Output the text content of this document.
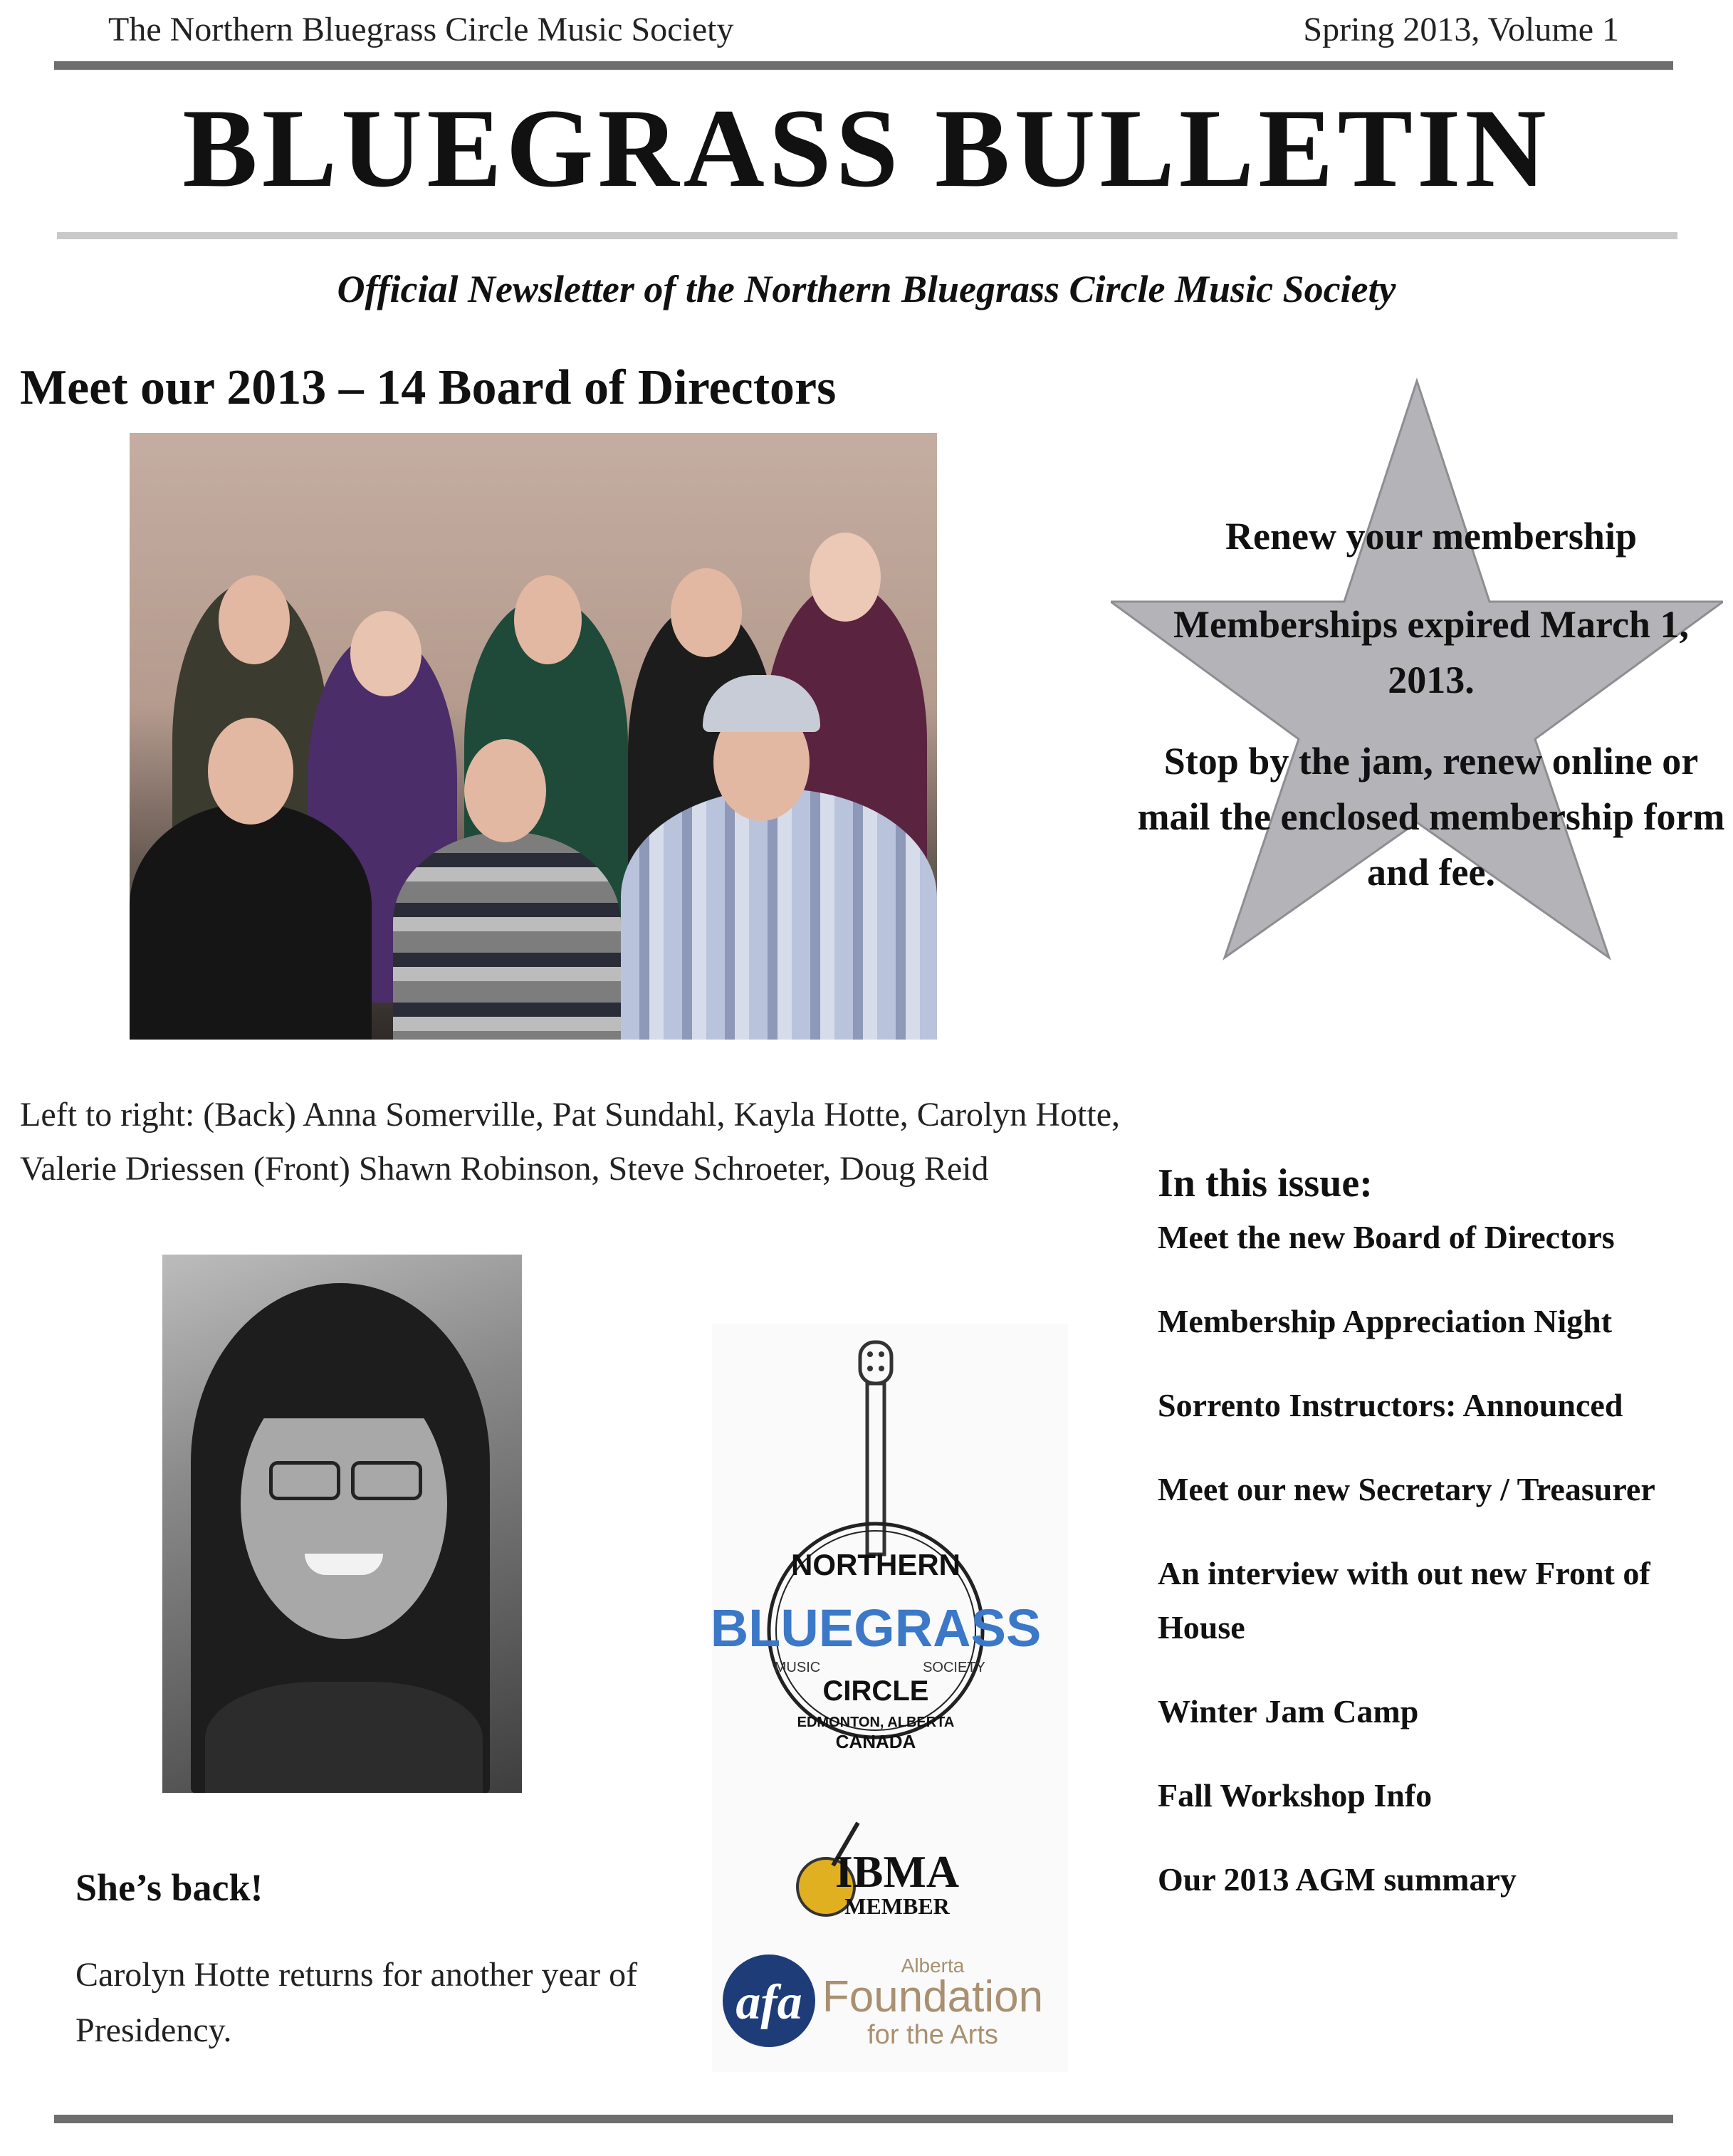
The Northern Bluegrass Circle Music Society	Spring 2013, Volume 1
BLUEGRASS BULLETIN
Official Newsletter of the Northern Bluegrass Circle Music Society
Meet our 2013 – 14 Board of Directors
Left to right: (Back) Anna Somerville, Pat Sundahl, Kayla Hotte, Carolyn Hotte, Valerie Driessen (Front) Shawn Robinson, Steve Schroeter, Doug Reid
She’s back!
Carolyn Hotte returns for another year of Presidency.
NORTHERN
BLUEGRASS
MUSIC	SOCIETY
CIRCLE
EDMONTON, ALBERTA
CANADA
IBMA
MEMBER
afa
Alberta
Foundation
for the Arts
Renew your membership
Memberships expired March 1, 2013.
Stop by the jam, renew online or mail the enclosed membership form and fee.
In this issue:
Meet the new Board of Directors
Membership Appreciation Night
Sorrento Instructors: Announced
Meet our new Secretary / Treasurer
An interview with out new Front of House
Winter Jam Camp
Fall Workshop Info
Our 2013 AGM summary
